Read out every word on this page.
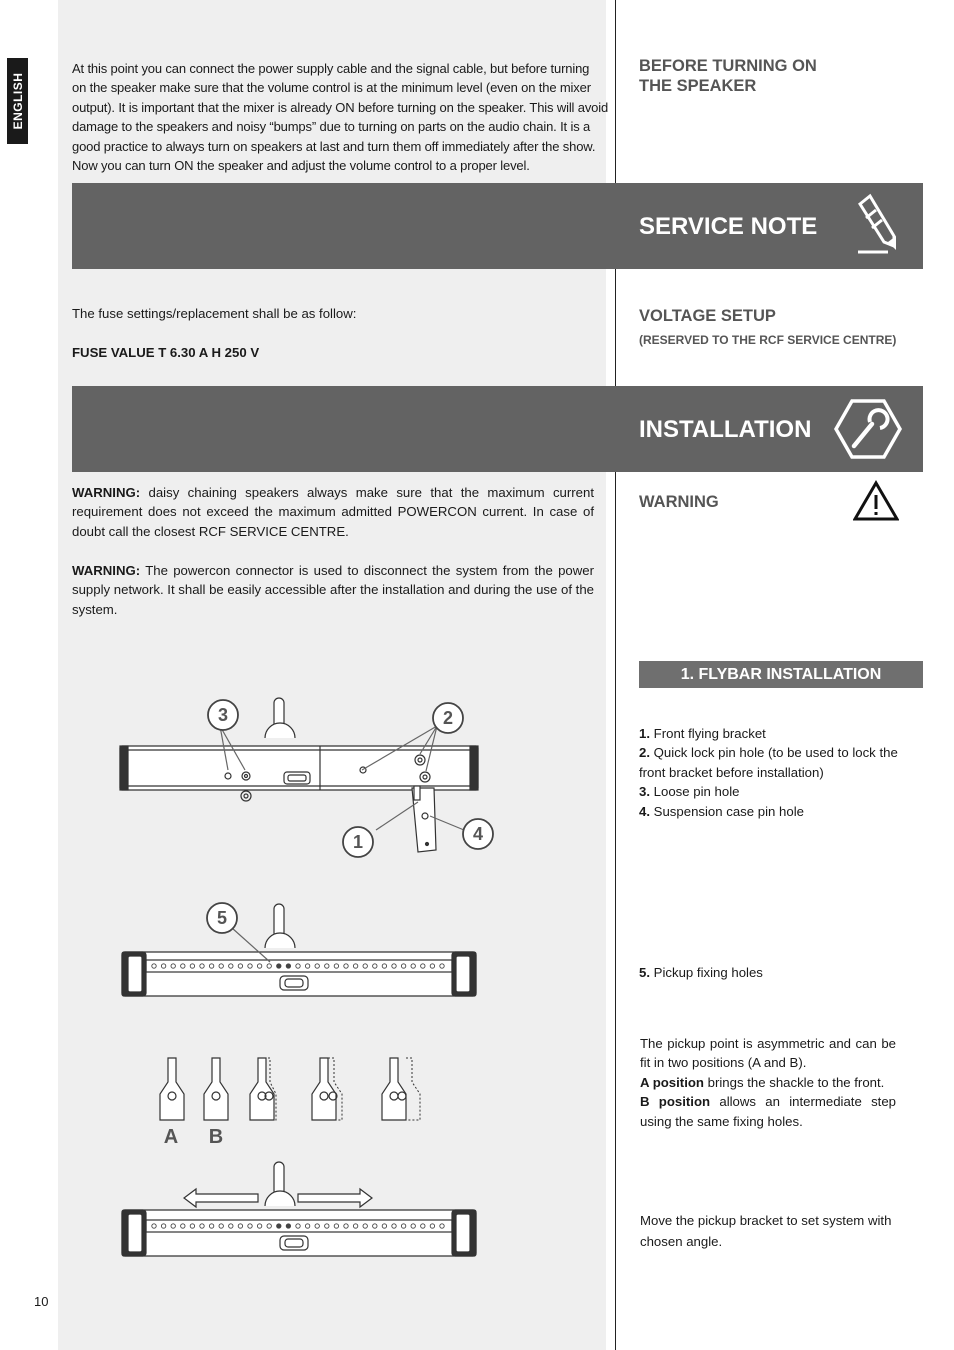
ENGLISH
At this point you can connect the power supply cable and the signal cable, but before turning
on the speaker make sure that the volume control is at the minimum level (even on the mixer
output). It is important that the mixer is already ON before turning on the speaker. This will avoid
damage to the speakers and noisy “bumps” due to turning on parts on the audio chain. It is a
good practice to always turn on speakers at last and turn them off immediately after the show.
Now you can turn ON the speaker and adjust the volume control to a proper level.
BEFORE TURNING ON
THE SPEAKER
SERVICE NOTE
The fuse settings/replacement shall be as follow:
FUSE VALUE T 6.30 A H 250 V
VOLTAGE SETUP
(RESERVED TO THE RCF SERVICE CENTRE)
INSTALLATION
WARNING: daisy chaining speakers always make sure that the maximum current requirement does not exceed the maximum admitted POWERCON current. In case of doubt call the closest RCF SERVICE CENTRE.
WARNING: The powercon connector is used to disconnect the system from the power supply network. It shall be easily accessible after the installation and during the use of the system.
WARNING
1. FLYBAR INSTALLATION
1. Front flying bracket
2. Quick lock pin hole (to be used to lock the front bracket before installation)
3. Loose pin hole
4. Suspension case pin hole
5. Pickup fixing holes
The pickup point is asymmetric and can be fit in two positions (A and B).
A position brings the shackle to the front.
B position allows an intermediate step using the same fixing holes.
Move the pickup bracket to set system with chosen angle.
3	2
1	4
5
A B
10
